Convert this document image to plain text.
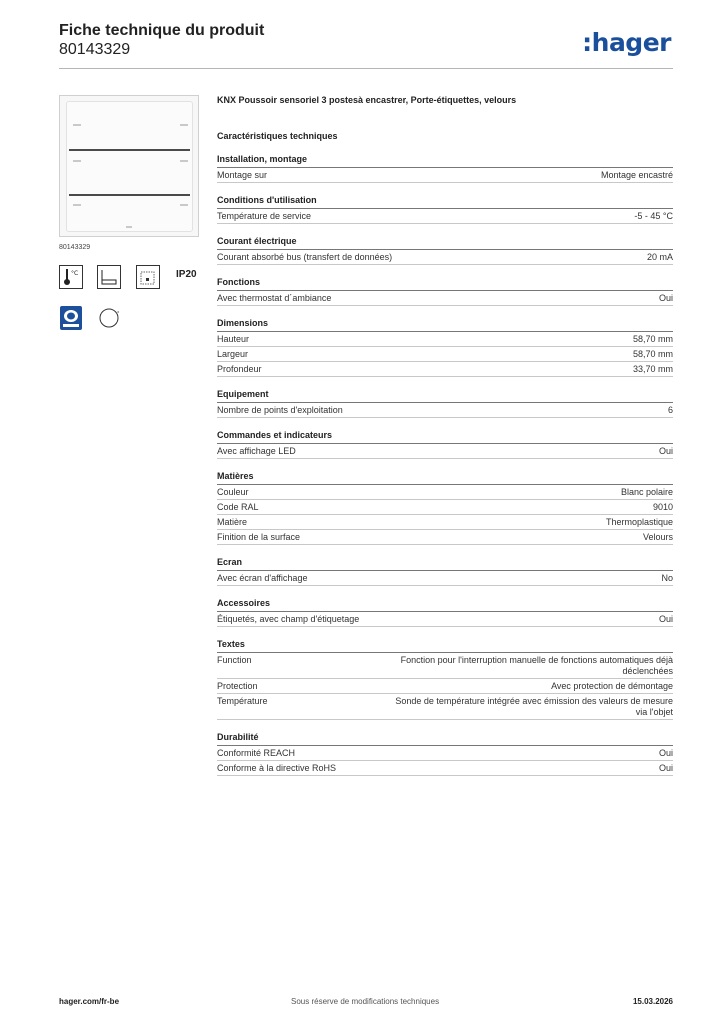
Fiche technique du produit
80143329	:hager
80143329
°C	IP20
°
KNX Poussoir sensoriel 3 postesà encastrer, Porte-étiquettes, velours
Caractéristiques techniques
Installation, montage
Montage sur	Montage encastré
Conditions d'utilisation
Température de service	-5 - 45 °C
Courant électrique
Courant absorbé bus (transfert de données)	20 mA
Fonctions
Avec thermostat d´ambiance	Oui
Dimensions
Hauteur	58,70 mm
Largeur	58,70 mm
Profondeur	33,70 mm
Equipement
Nombre de points d'exploitation	6
Commandes et indicateurs
Avec affichage LED	Oui
Matières
Couleur	Blanc polaire
Code RAL	9010
Matière	Thermoplastique
Finition de la surface	Velours
Ecran
Avec écran d'affichage	No
Accessoires
Étiquetés, avec champ d'étiquetage	Oui
Textes
Function	Fonction pour l'interruption manuelle de fonctions automatiques déjà déclenchées
Protection	Avec protection de démontage
Température	Sonde de température intégrée avec émission des valeurs de mesure via l'objet
Durabilité
Conformité REACH	Oui
Conforme à la directive RoHS	Oui
hager.com/fr-be	Sous réserve de modifications techniques	15.03.2026
